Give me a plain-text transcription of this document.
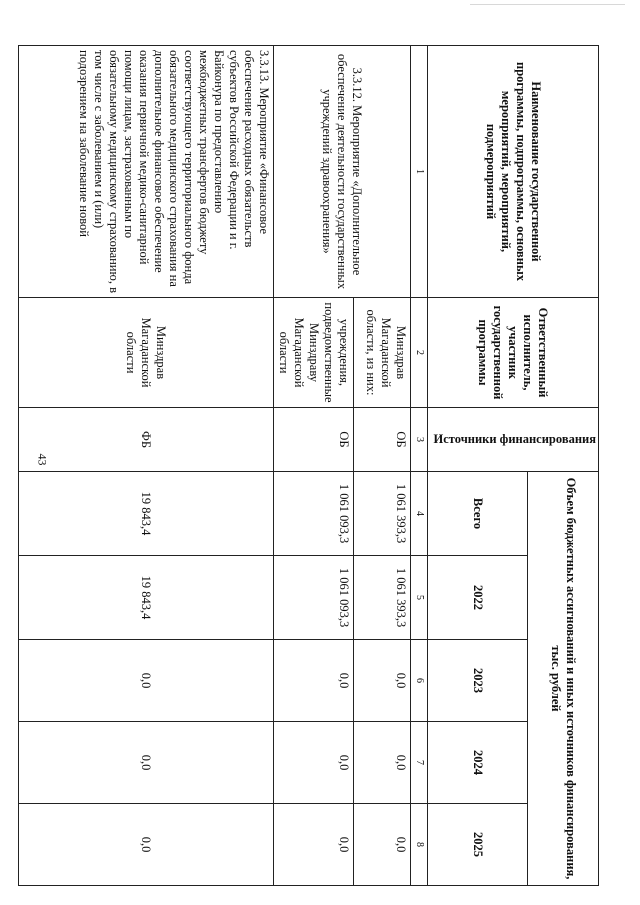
43
Наименование государственной программы, подпрограммы, основных мероприятий, мероприятий, подмероприятий	Ответственный исполнитель, участник государственной программы	Источники финансирования	Объем бюджетных ассигнований и иных источников финансирования, тыс. рублей				
			Всего	2022	2023	2024	2025
1	2	3	4	5	6	7	8
3.3.12. Мероприятие «Дополнительное обеспечение деятельности государственных учреждений здравоохранения»	Минздрав Магаданской области, из них:	ОБ	1 061 393,3	1 061 393,3	0,0	0,0	0,0
	учреждения, подведомственные Минздраву Магаданской области	ОБ	1 061 093,3	1 061 093,3	0,0	0,0	0,0
3.3.13. Мероприятие «Финансовое обеспечение расходных обязательств субъектов Российской Федерации и г. Байконура по предоставлению межбюджетных трансфертов бюджету соответствующего территориального фонда обязательного медицинского страхования на дополнительное финансовое обеспечение оказания первичной медико-санитарной помощи лицам, застрахованным по обязательному медицинскому страхованию, в том числе с заболеванием и (или) подозрением на заболевание новой	Минздрав Магаданской области	ФБ	19 843,4	19 843,4	0,0	0,0	0,0
